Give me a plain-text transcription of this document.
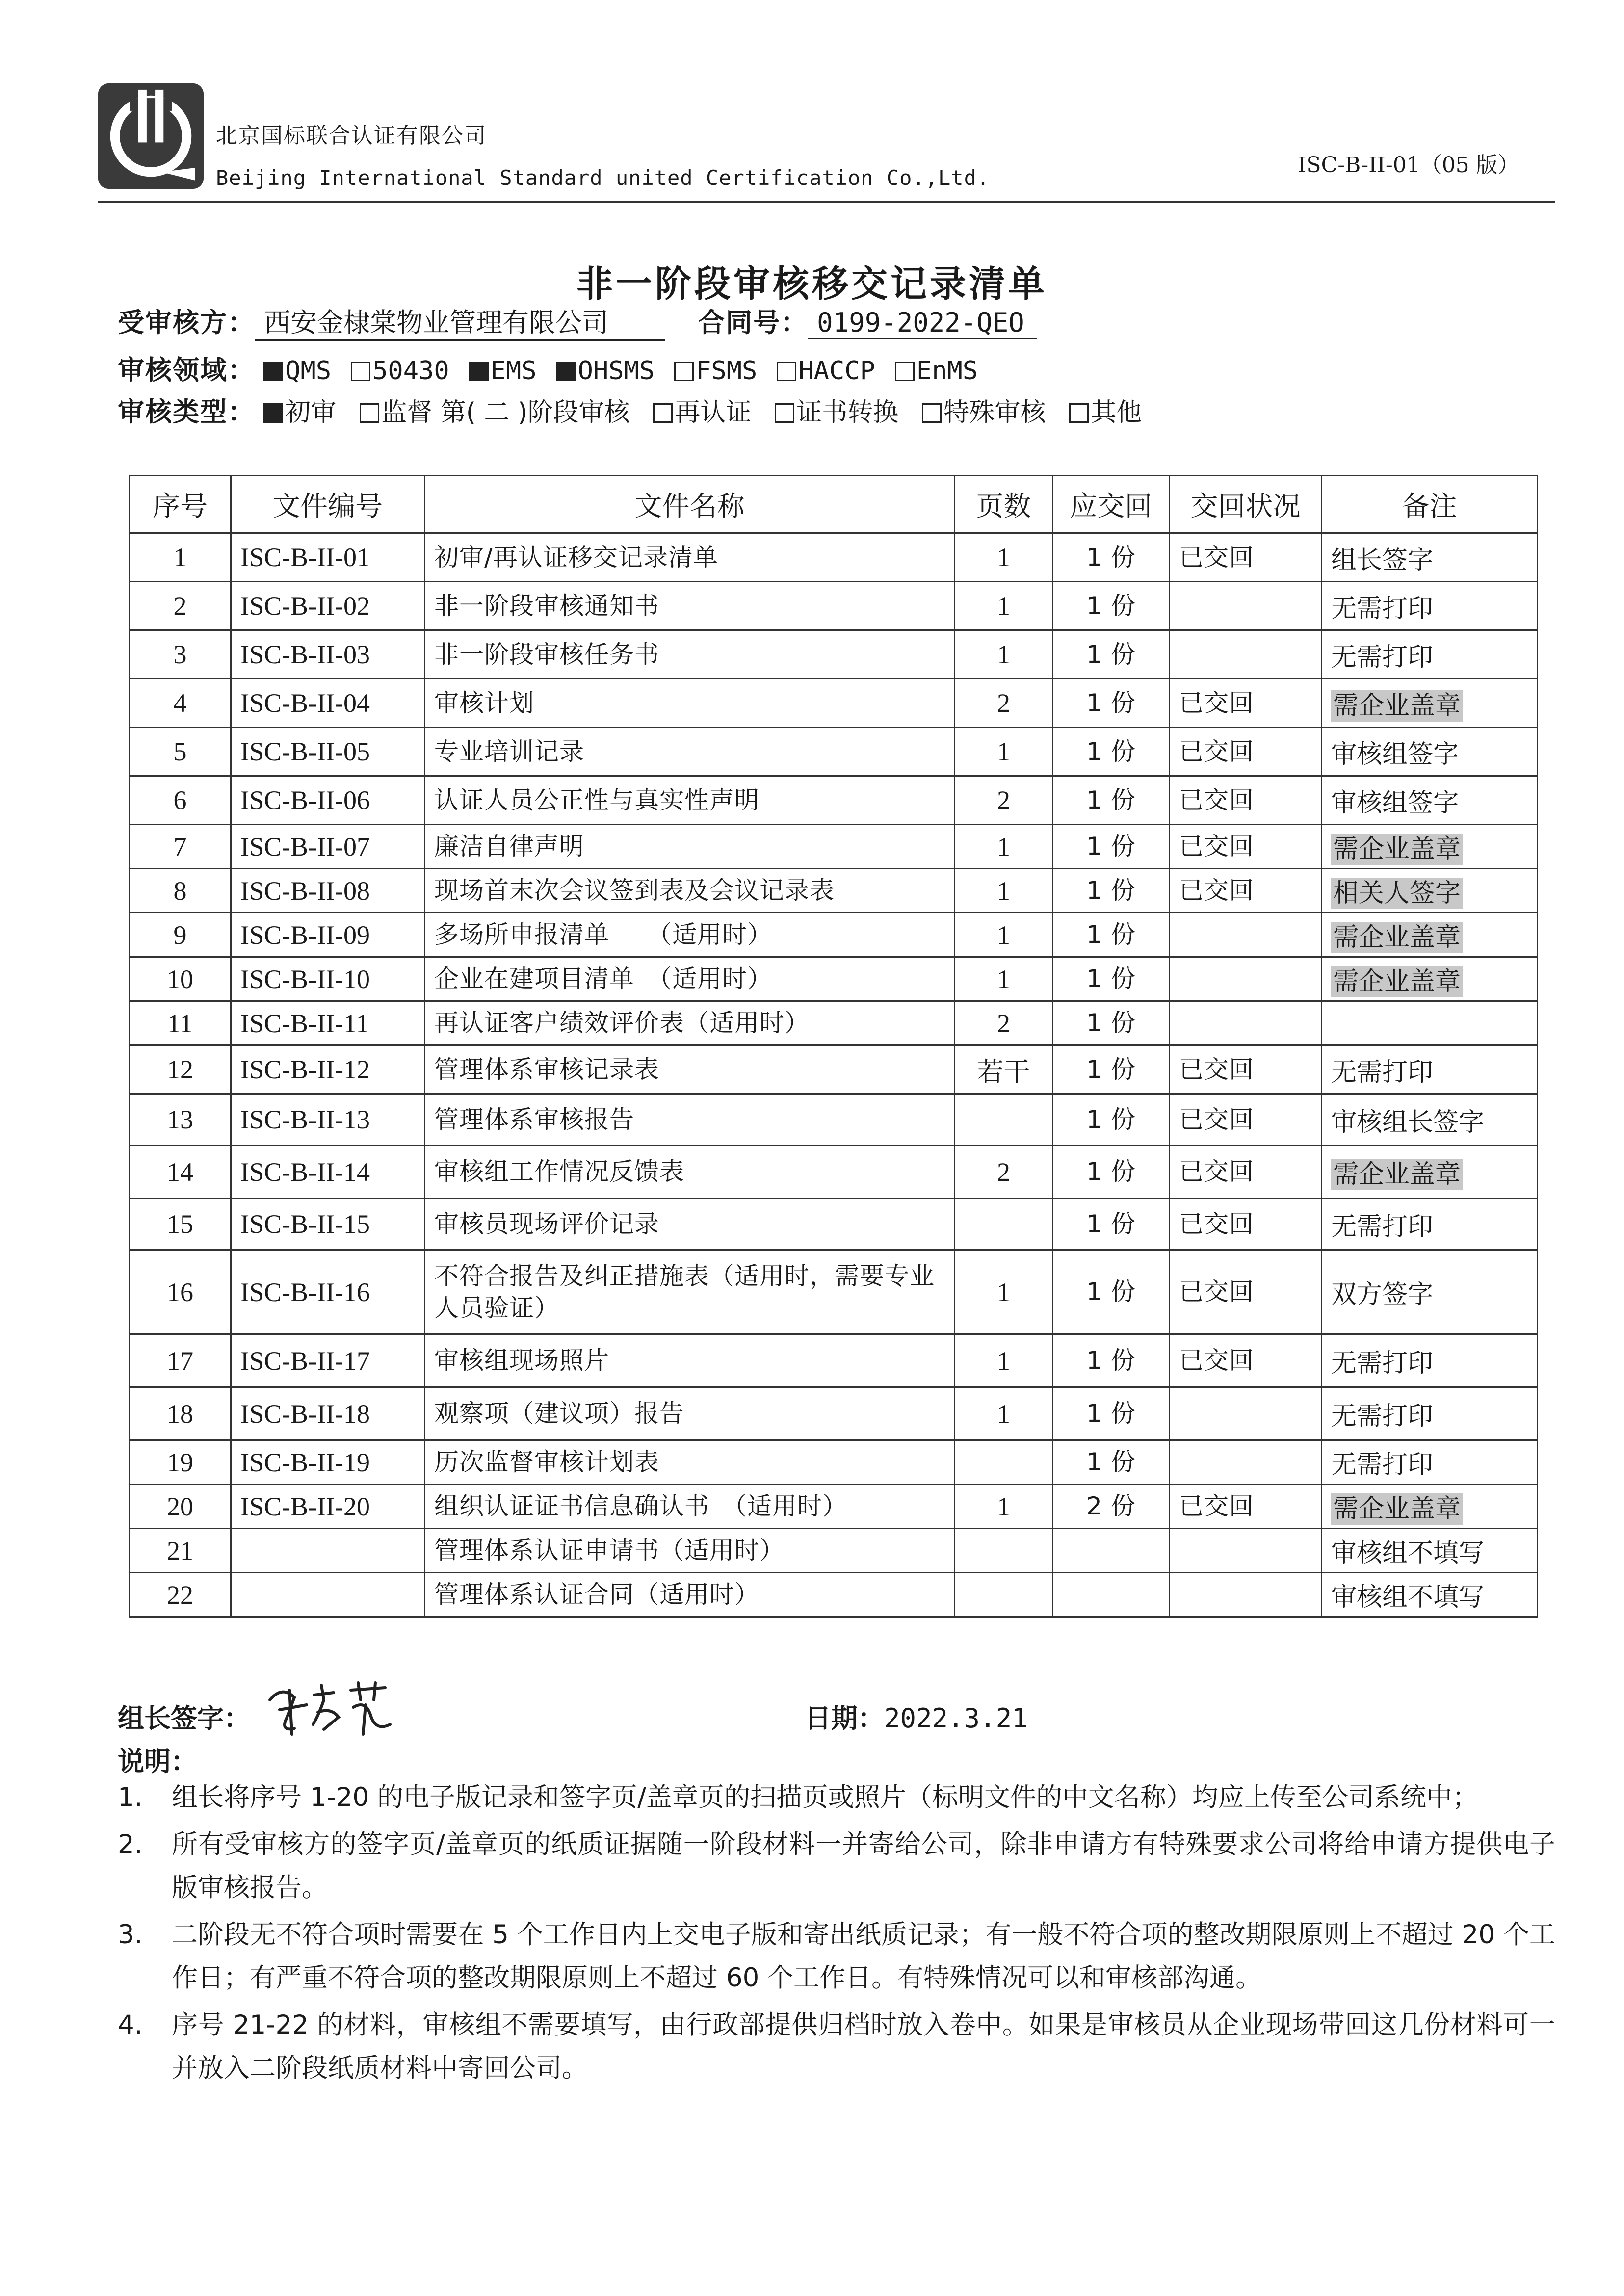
北京国标联合认证有限公司
Beijing International Standard united Certification Co.,Ltd.
ISC-B-II-01（05 版）
非一阶段审核移交记录清单
受审核方： 西安金棣棠物业管理有限公司	合同号： 0199-2022-QEO
审核领域： QMS 50430 EMS OHSMS FSMS HACCP EnMS
审核类型： 初审 监督 第( 二 )阶段审核 再认证 证书转换 特殊审核 其他
序号	文件编号	文件名称	页数	应交回	交回状况	备注
1	ISC-B-II-01	初审/再认证移交记录清单	1	1 份	已交回	组长签字
2	ISC-B-II-02	非一阶段审核通知书	1	1 份		无需打印
3	ISC-B-II-03	非一阶段审核任务书	1	1 份		无需打印
4	ISC-B-II-04	审核计划	2	1 份	已交回	需企业盖章
5	ISC-B-II-05	专业培训记录	1	1 份	已交回	审核组签字
6	ISC-B-II-06	认证人员公正性与真实性声明	2	1 份	已交回	审核组签字
7	ISC-B-II-07	廉洁自律声明	1	1 份	已交回	需企业盖章
8	ISC-B-II-08	现场首末次会议签到表及会议记录表	1	1 份	已交回	相关人签字
9	ISC-B-II-09	多场所申报清单　　（适用时）	1	1 份		需企业盖章
10	ISC-B-II-10	企业在建项目清单　（适用时）	1	1 份		需企业盖章
11	ISC-B-II-11	再认证客户绩效评价表（适用时）	2	1 份		
12	ISC-B-II-12	管理体系审核记录表	若干	1 份	已交回	无需打印
13	ISC-B-II-13	管理体系审核报告		1 份	已交回	审核组长签字
14	ISC-B-II-14	审核组工作情况反馈表	2	1 份	已交回	需企业盖章
15	ISC-B-II-15	审核员现场评价记录		1 份	已交回	无需打印
16	ISC-B-II-16	不符合报告及纠正措施表（适用时，需要专业人员验证）	1	1 份	已交回	双方签字
17	ISC-B-II-17	审核组现场照片	1	1 份	已交回	无需打印
18	ISC-B-II-18	观察项（建议项）报告	1	1 份		无需打印
19	ISC-B-II-19	历次监督审核计划表		1 份		无需打印
20	ISC-B-II-20	组织认证证书信息确认书　（适用时）	1	2 份	已交回	需企业盖章
21		管理体系认证申请书（适用时）				审核组不填写
22		管理体系认证合同（适用时）				审核组不填写
组长签字：	日期：2022.3.21
说明：
1.	组长将序号 1-20 的电子版记录和签字页/盖章页的扫描页或照片（标明文件的中文名称）均应上传至公司系统中；
2.	所有受审核方的签字页/盖章页的纸质证据随一阶段材料一并寄给公司，除非申请方有特殊要求公司将给申请方提供电子版审核报告。
3.	二阶段无不符合项时需要在 5 个工作日内上交电子版和寄出纸质记录；有一般不符合项的整改期限原则上不超过 20 个工作日；有严重不符合项的整改期限原则上不超过 60 个工作日。有特殊情况可以和审核部沟通。
4.	序号 21-22 的材料，审核组不需要填写，由行政部提供归档时放入卷中。如果是审核员从企业现场带回这几份材料可一并放入二阶段纸质材料中寄回公司。
